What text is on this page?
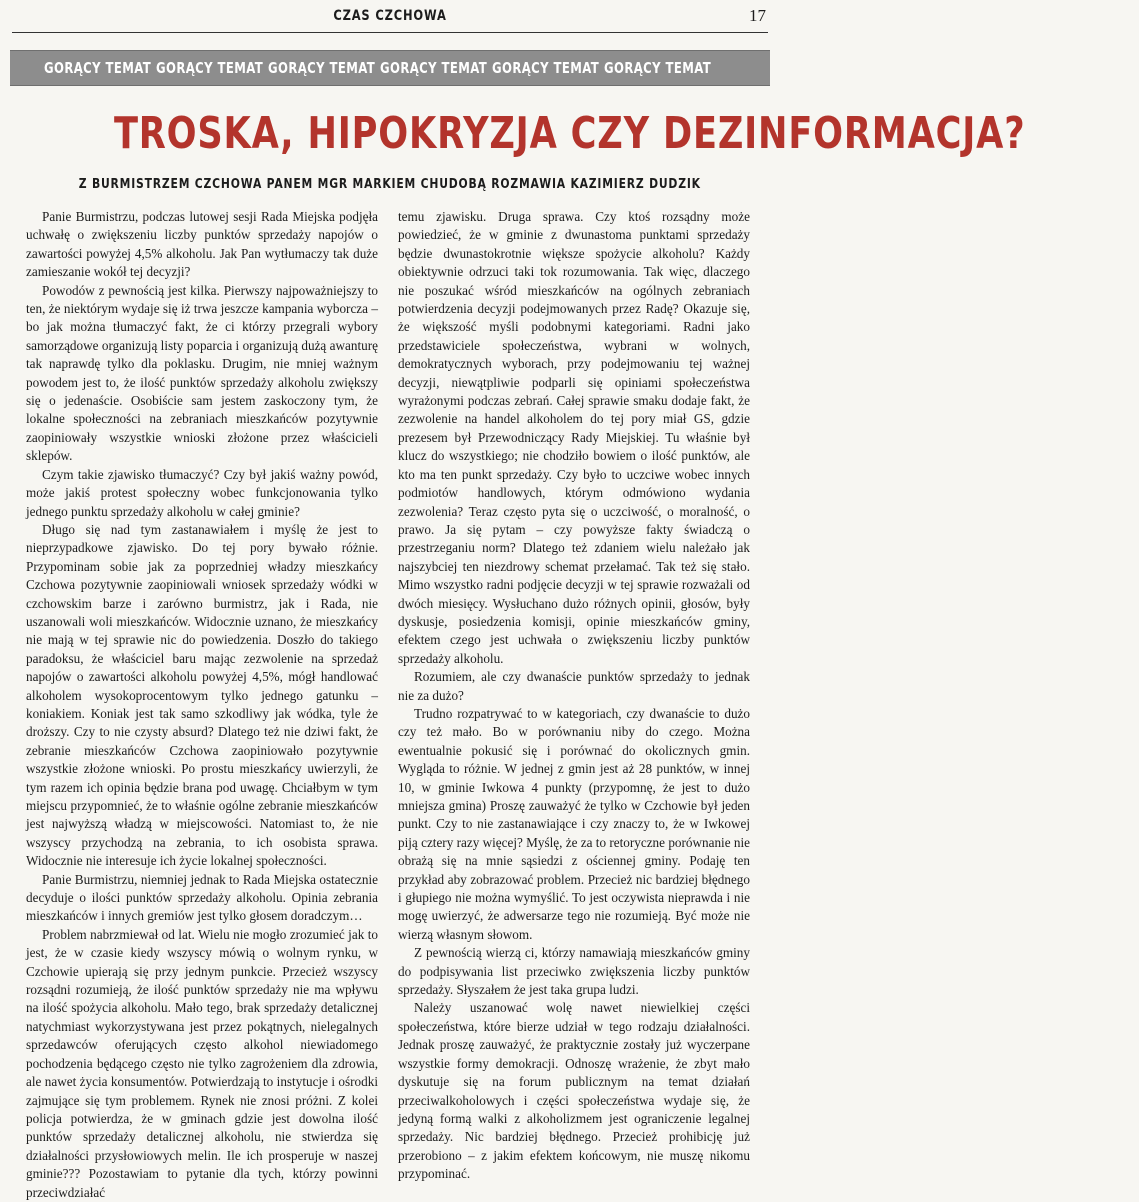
CZAS CZCHOWA	17
GORĄCY TEMAT GORĄCY TEMAT GORĄCY TEMAT GORĄCY TEMAT GORĄCY TEMAT GORĄCY TEMAT
TROSKA, HIPOKRYZJA CZY DEZINFORMACJA?
Z BURMISTRZEM CZCHOWA PANEM MGR MARKIEM CHUDOBĄ ROZMAWIA KAZIMIERZ DUDZIK

Panie Burmistrzu, podczas lutowej sesji Rada Miejska podjęła uchwałę o zwiększeniu liczby punktów sprzedaży napojów o zawartości powyżej 4,5% alkoholu. Jak Pan wytłumaczy tak duże zamieszanie wokół tej decyzji?

Powodów z pewnością jest kilka. Pierwszy najpoważniejszy to ten, że niektórym wydaje się iż trwa jeszcze kampania wyborcza – bo jak można tłumaczyć fakt, że ci którzy przegrali wybory samorządowe organizują listy poparcia i organizują dużą awanturę tak naprawdę tylko dla poklasku. Drugim, nie mniej ważnym powodem jest to, że ilość punktów sprzedaży alkoholu zwiększy się o jedenaście. Osobiście sam jestem zaskoczony tym, że lokalne społeczności na zebraniach mieszkańców pozytywnie zaopiniowały wszystkie wnioski złożone przez właścicieli sklepów.

Czym takie zjawisko tłumaczyć? Czy był jakiś ważny powód, może jakiś protest społeczny wobec funkcjonowania tylko jednego punktu sprzedaży alkoholu w całej gminie?

Długo się nad tym zastanawiałem i myślę że jest to nieprzypadkowe zjawisko. Do tej pory bywało różnie. Przypominam sobie jak za poprzedniej władzy mieszkańcy Czchowa pozytywnie zaopiniowali wniosek sprzedaży wódki w czchowskim barze i zarówno burmistrz, jak i Rada, nie uszanowali woli mieszkańców. Widocznie uznano, że mieszkańcy nie mają w tej sprawie nic do powiedzenia. Doszło do takiego paradoksu, że właściciel baru mając zezwolenie na sprzedaż napojów o zawartości alkoholu powyżej 4,5%, mógł handlować alkoholem wysokoprocentowym tylko jednego gatunku – koniakiem. Koniak jest tak samo szkodliwy jak wódka, tyle że droższy. Czy to nie czysty absurd? Dlatego też nie dziwi fakt, że zebranie mieszkańców Czchowa zaopiniowało pozytywnie wszystkie złożone wnioski. Po prostu mieszkańcy uwierzyli, że tym razem ich opinia będzie brana pod uwagę. Chciałbym w tym miejscu przypomnieć, że to właśnie ogólne zebranie mieszkańców jest najwyższą władzą w miejscowości. Natomiast to, że nie wszyscy przychodzą na zebrania, to ich osobista sprawa. Widocznie nie interesuje ich życie lokalnej społeczności.

Panie Burmistrzu, niemniej jednak to Rada Miejska ostatecznie decyduje o ilości punktów sprzedaży alkoholu. Opinia zebrania mieszkańców i innych gremiów jest tylko głosem doradczym…

Problem nabrzmiewał od lat. Wielu nie mogło zrozumieć jak to jest, że w czasie kiedy wszyscy mówią o wolnym rynku, w Czchowie upierają się przy jednym punkcie. Przecież wszyscy rozsądni rozumieją, że ilość punktów sprzedaży nie ma wpływu na ilość spożycia alkoholu. Mało tego, brak sprzedaży detalicznej natychmiast wykorzystywana jest przez pokątnych, nielegalnych sprzedawców oferujących często alkohol niewiadomego pochodzenia będącego często nie tylko zagrożeniem dla zdrowia, ale nawet życia konsumentów. Potwierdzają to instytucje i ośrodki zajmujące się tym problemem. Rynek nie znosi próżni. Z kolei policja potwierdza, że w gminach gdzie jest dowolna ilość punktów sprzedaży detalicznej alkoholu, nie stwierdza się działalności przysłowiowych melin. Ile ich prosperuje w naszej gminie??? Pozostawiam to pytanie dla tych, którzy powinni przeciwdziałać

temu zjawisku. Druga sprawa. Czy ktoś rozsądny może powiedzieć, że w gminie z dwunastoma punktami sprzedaży będzie dwunastokrotnie większe spożycie alkoholu? Każdy obiektywnie odrzuci taki tok rozumowania. Tak więc, dlaczego nie poszukać wśród mieszkańców na ogólnych zebraniach potwierdzenia decyzji podejmowanych przez Radę? Okazuje się, że większość myśli podobnymi kategoriami. Radni jako przedstawiciele społeczeństwa, wybrani w wolnych, demokratycznych wyborach, przy podejmowaniu tej ważnej decyzji, niewątpliwie podparli się opiniami społeczeństwa wyrażonymi podczas zebrań. Całej sprawie smaku dodaje fakt, że zezwolenie na handel alkoholem do tej pory miał GS, gdzie prezesem był Przewodniczący Rady Miejskiej. Tu właśnie był klucz do wszystkiego; nie chodziło bowiem o ilość punktów, ale kto ma ten punkt sprzedaży. Czy było to uczciwe wobec innych podmiotów handlowych, którym odmówiono wydania zezwolenia? Teraz często pyta się o uczciwość, o moralność, o prawo. Ja się pytam – czy powyższe fakty świadczą o przestrzeganiu norm? Dlatego też zdaniem wielu należało jak najszybciej ten niezdrowy schemat przełamać. Tak też się stało. Mimo wszystko radni podjęcie decyzji w tej sprawie rozważali od dwóch miesięcy. Wysłuchano dużo różnych opinii, głosów, były dyskusje, posiedzenia komisji, opinie mieszkańców gminy, efektem czego jest uchwała o zwiększeniu liczby punktów sprzedaży alkoholu.

Rozumiem, ale czy dwanaście punktów sprzedaży to jednak nie za dużo?

Trudno rozpatrywać to w kategoriach, czy dwanaście to dużo czy też mało. Bo w porównaniu niby do czego. Można ewentualnie pokusić się i porównać do okolicznych gmin. Wygląda to różnie. W jednej z gmin jest aż 28 punktów, w innej 10, w gminie Iwkowa 4 punkty (przypomnę, że jest to dużo mniejsza gmina) Proszę zauważyć że tylko w Czchowie był jeden punkt. Czy to nie zastanawiające i czy znaczy to, że w Iwkowej piją cztery razy więcej? Myślę, że za to retoryczne porównanie nie obrażą się na mnie sąsiedzi z ościennej gminy. Podaję ten przykład aby zobrazować problem. Przecież nic bardziej błędnego i głupiego nie można wymyślić. To jest oczywista nieprawda i nie mogę uwierzyć, że adwersarze tego nie rozumieją. Być może nie wierzą własnym słowom.

Z pewnością wierzą ci, którzy namawiają mieszkańców gminy do podpisywania list przeciwko zwiększenia liczby punktów sprzedaży. Słyszałem że jest taka grupa ludzi.

Należy uszanować wolę nawet niewielkiej części społeczeństwa, które bierze udział w tego rodzaju działalności. Jednak proszę zauważyć, że praktycznie zostały już wyczerpane wszystkie formy demokracji. Odnoszę wrażenie, że zbyt mało dyskutuje się na forum publicznym na temat działań przeciwalkoholowych i części społeczeństwa wydaje się, że jedyną formą walki z alkoholizmem jest ograniczenie legalnej sprzedaży. Nic bardziej błędnego. Przecież prohibicję już przerobiono – z jakim efektem końcowym, nie muszę nikomu przypominać.
